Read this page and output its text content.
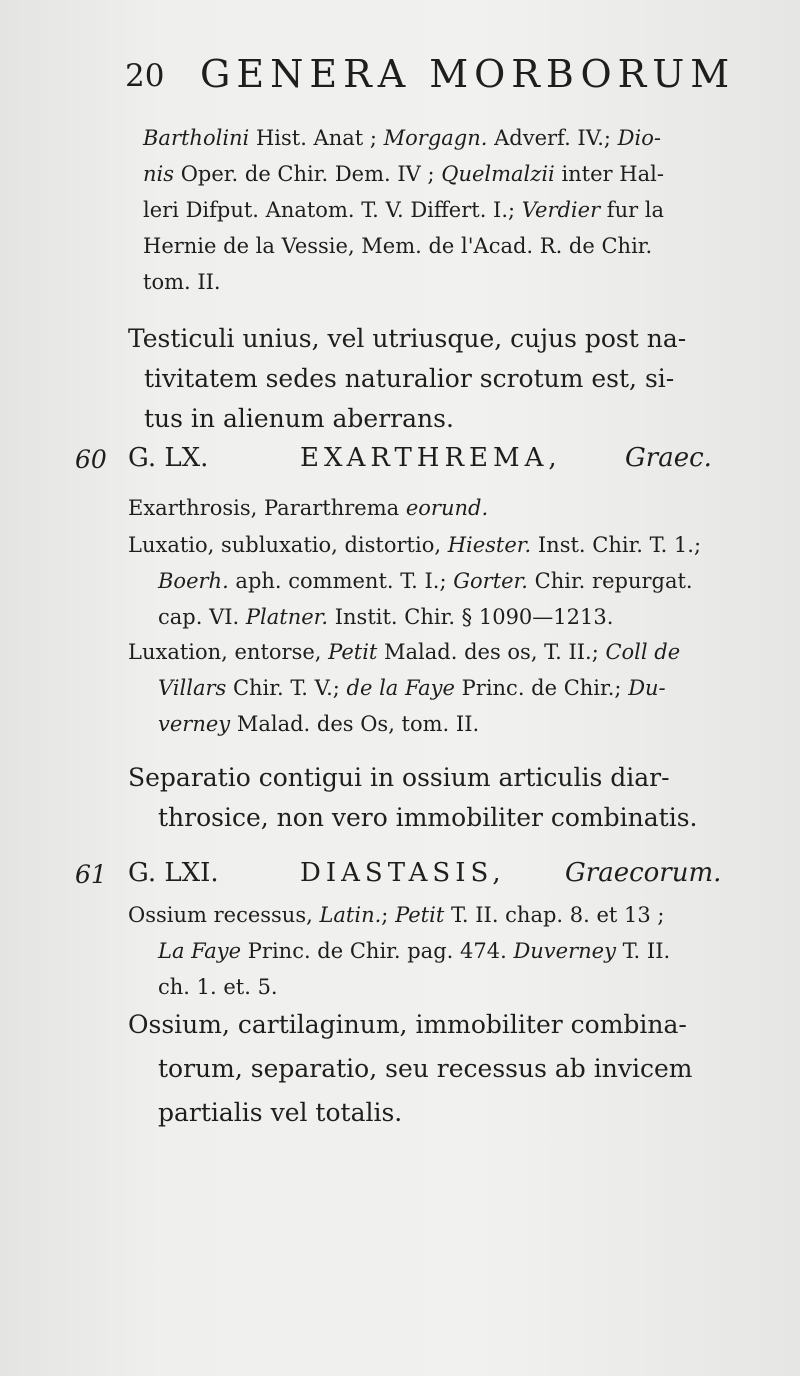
20 GENERA MORBORUM
Bartholini Hist. Anat ; Morgagn. Adverf. IV.; Dio-
nis Oper. de Chir. Dem. IV ; Quelmalzii inter Hal-
leri Difput. Anatom. T. V. Differt. I.; Verdier fur la
Hernie de la Vessie, Mem. de l'Acad. R. de Chir.
tom. II.
Testiculi unius, vel utriusque, cujus post na-
tivitatem sedes naturalior scrotum est, si-
tus in alienum aberrans.
60 G. LX.	EXARTHREMA, Graec.
Exarthrosis, Pararthrema eorund.
Luxatio, subluxatio, distortio, Hiester. Inst. Chir. T. 1.;
Boerh. aph. comment. T. I.; Gorter. Chir. repurgat.
cap. VI. Platner. Instit. Chir. § 1090—1213.
Luxation, entorse, Petit Malad. des os, T. II.; Coll de
Villars Chir. T. V.; de la Faye Princ. de Chir.; Du-
verney Malad. des Os, tom. II.
Separatio contigui in ossium articulis diar-
throsice, non vero immobiliter combinatis.
61 G. LXI.	DIASTASIS, Graecorum.
Ossium recessus, Latin.; Petit T. II. chap. 8. et 13 ;
La Faye Princ. de Chir. pag. 474. Duverney T. II.
ch. 1. et. 5.
Ossium, cartilaginum, immobiliter combina-
torum, separatio, seu recessus ab invicem
partialis vel totalis.
